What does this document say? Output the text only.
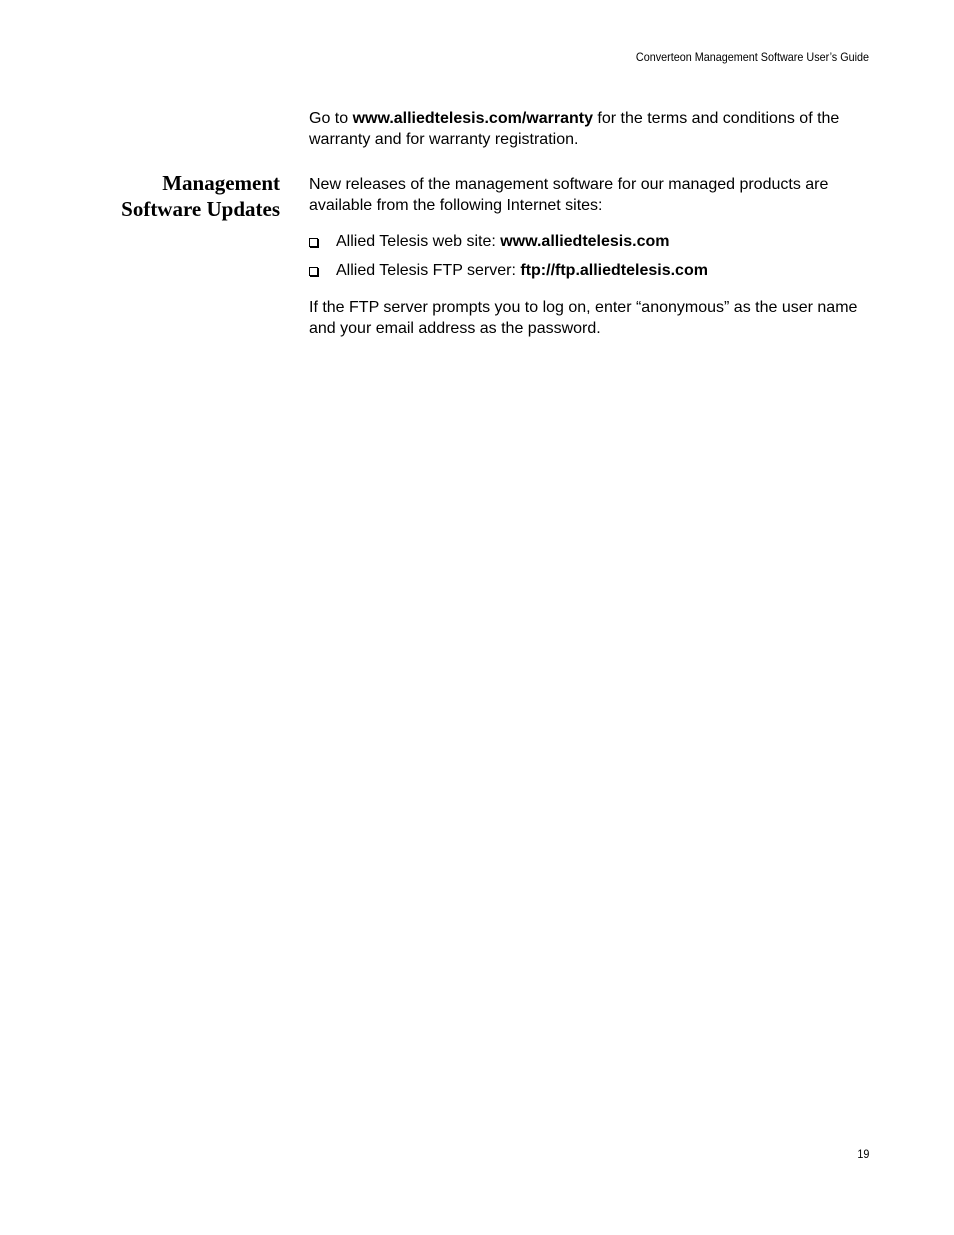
Converteon Management Software User’s Guide

Go to www.alliedtelesis.com/warranty for the terms and conditions of the warranty and for warranty registration.

Management
Software Updates

New releases of the management software for our managed products are available from the following Internet sites:

Allied Telesis web site: www.alliedtelesis.com
Allied Telesis FTP server: ftp://ftp.alliedtelesis.com

If the FTP server prompts you to log on, enter “anonymous” as the user name and your email address as the password.

19
